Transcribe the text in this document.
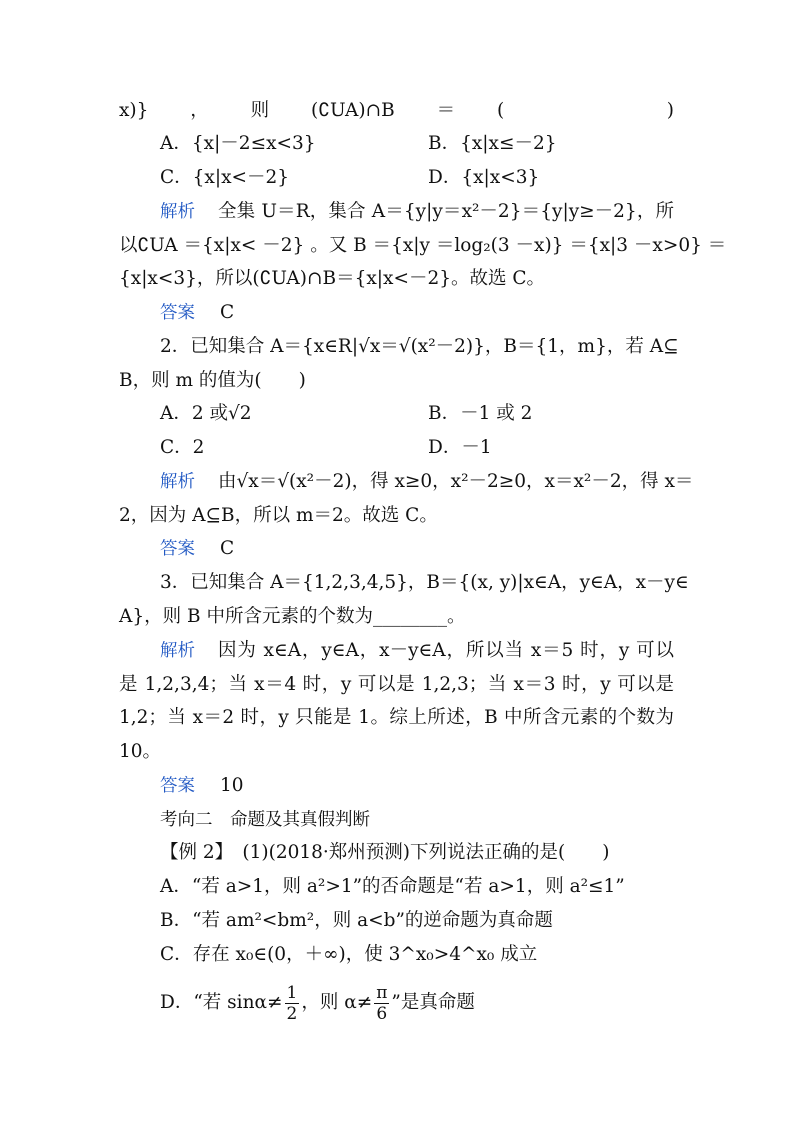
x)}，则(∁UA)∩B＝(　　)
A．{x|－2≤x<3}	B．{x|x≤－2}
C．{x|x<－2}	D．{x|x<3}
解析 全集 U＝R，集合 A＝{y|y＝x²－2}＝{y|y≥－2}，所
以∁UA ＝{x|x< －2} 。又 B ＝{x|y ＝log₂(3 －x)} ＝{x|3 －x>0} ＝
{x|x<3}，所以(∁UA)∩B＝{x|x<－2}。故选 C。
答案 C
2．已知集合 A＝{x∈R|√x＝√(x²－2)}，B＝{1，m}，若 A⊆
B，则 m 的值为(　　)
A．2 或√2	B．－1 或 2
C．2	D．－1
解析 由√x＝√(x²－2)，得 x≥0，x²－2≥0，x＝x²－2，得 x＝
2，因为 A⊆B，所以 m＝2。故选 C。
答案 C
3．已知集合 A＝{1,2,3,4,5}，B＝{(x, y)|x∈A，y∈A，x－y∈
A}，则 B 中所含元素的个数为________。
解析 因为 x∈A，y∈A，x－y∈A，所以当 x＝5 时，y 可以
是 1,2,3,4；当 x＝4 时，y 可以是 1,2,3；当 x＝3 时，y 可以是
1,2；当 x＝2 时，y 只能是 1。综上所述，B 中所含元素的个数为
10。
答案 10
考向二　命题及其真假判断
【例 2】　(1)(2018·郑州预测)下列说法正确的是(　　)
A．“若 a>1，则 a²>1”的否命题是“若 a>1，则 a²≤1”
B．“若 am²<bm²，则 a<b”的逆命题为真命题
C．存在 x₀∈(0，＋∞)，使 3^x₀>4^x₀ 成立
D．“若 $\sin\alpha\ne \frac{1}{2}$ ，则 $\alpha\ne \frac{\pi}{6}$ ”是真命题
